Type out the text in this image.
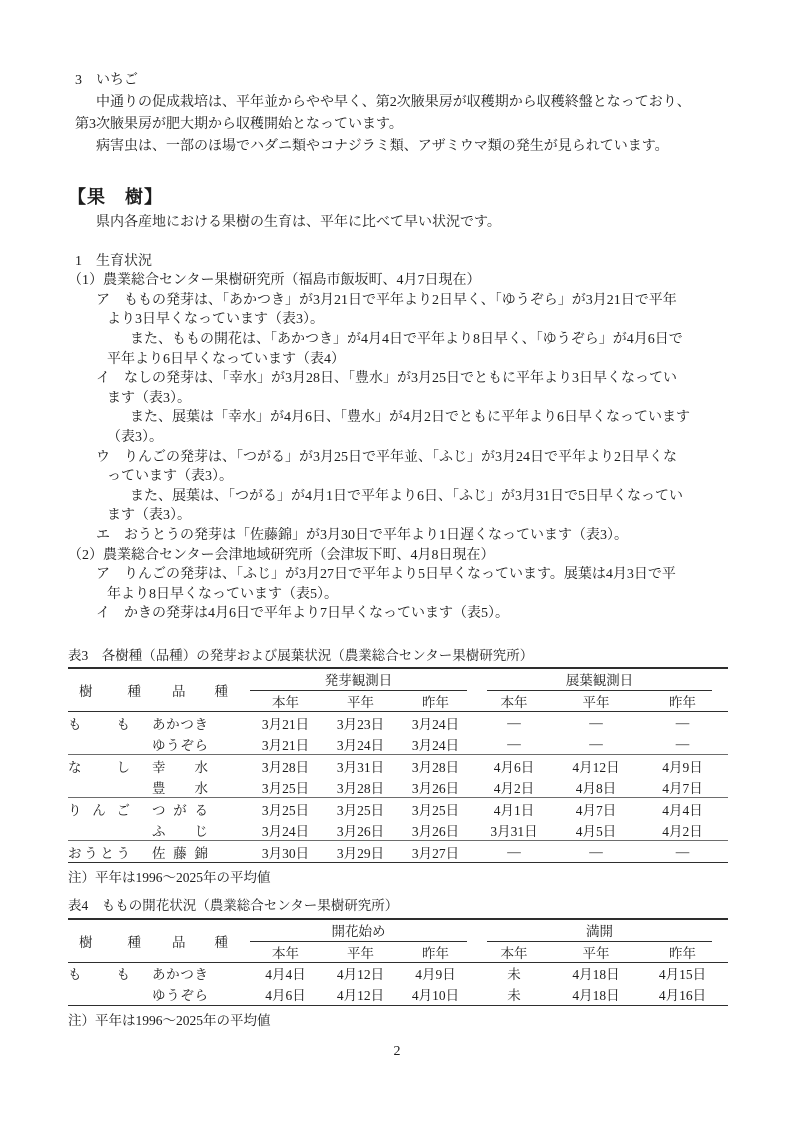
3　いちご
中通りの促成栽培は、平年並からやや早く、第2次腋果房が収穫期から収穫終盤となっており、
第3次腋果房が肥大期から収穫開始となっています。
病害虫は、一部のほ場でハダニ類やコナジラミ類、アザミウマ類の発生が見られています。
【果　樹】
県内各産地における果樹の生育は、平年に比べて早い状況です。
1　生育状況
（1）農業総合センター果樹研究所（福島市飯坂町、4月7日現在）
ア　ももの発芽は、「あかつき」が3月21日で平年より2日早く、「ゆうぞら」が3月21日で平年
より3日早くなっています（表3）。
また、ももの開花は、「あかつき」が4月4日で平年より8日早く、「ゆうぞら」が4月6日で
平年より6日早くなっています（表4）
イ　なしの発芽は、「幸水」が3月28日、「豊水」が3月25日でともに平年より3日早くなってい
ます（表3）。
また、展葉は「幸水」が4月6日、「豊水」が4月2日でともに平年より6日早くなっています
（表3）。
ウ　りんごの発芽は、「つがる」が3月25日で平年並、「ふじ」が3月24日で平年より2日早くな
っています（表3）。
また、展葉は、「つがる」が4月1日で平年より6日、「ふじ」が3月31日で5日早くなってい
ます（表3）。
エ　おうとうの発芽は「佐藤錦」が3月30日で平年より1日遅くなっています（表3）。
（2）農業総合センター会津地域研究所（会津坂下町、4月8日現在）
ア　りんごの発芽は、「ふじ」が3月27日で平年より5日早くなっています。展葉は4月3日で平
年より8日早くなっています（表5）。
イ　かきの発芽は4月6日で平年より7日早くなっています（表5）。
表3　各樹種（品種）の発芽および展葉状況（農業総合センター果樹研究所）
樹種	品種	発芽観測日			展葉観測日		

		本年	平年	昨年	本年	平年	昨年
もも	あかつき	3月21日	3月23日	3月24日	―	―	―
	ゆうぞら	3月21日	3月24日	3月24日	―	―	―
なし	幸水	3月28日	3月31日	3月28日	4月6日	4月12日	4月9日
	豊水	3月25日	3月28日	3月26日	4月2日	4月8日	4月7日
りんご	つがる	3月25日	3月25日	3月25日	4月1日	4月7日	4月4日
	ふじ	3月24日	3月26日	3月26日	3月31日	4月5日	4月2日
おうとう	佐藤錦	3月30日	3月29日	3月27日	―	―	―
注）平年は1996～2025年の平均値
表4　ももの開花状況（農業総合センター果樹研究所）
樹種	品種	開花始め			満開		

		本年	平年	昨年	本年	平年	昨年
もも	あかつき	4月4日	4月12日	4月9日	未	4月18日	4月15日
	ゆうぞら	4月6日	4月12日	4月10日	未	4月18日	4月16日
注）平年は1996～2025年の平均値
2
